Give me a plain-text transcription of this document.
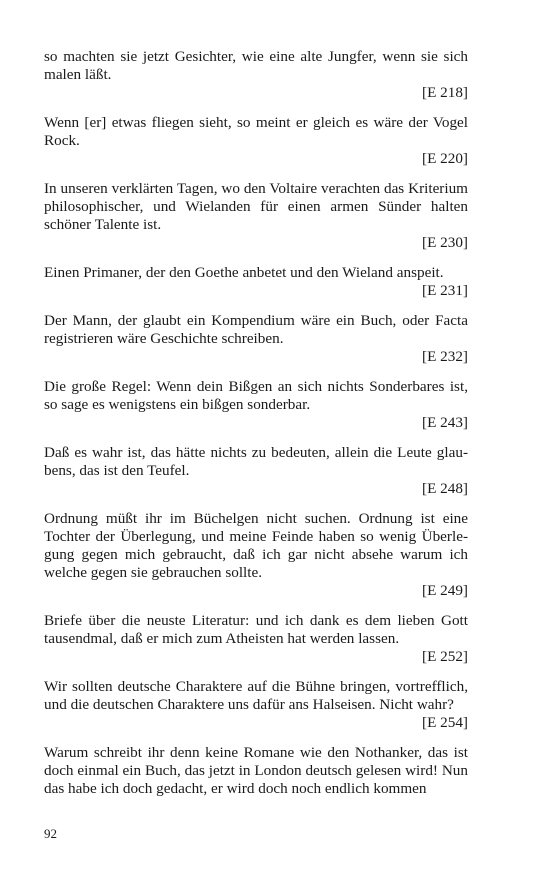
so machten sie jetzt Gesichter, wie eine alte Jungfer, wenn sie sich malen läßt.
[E 218]
Wenn [er] etwas fliegen sieht, so meint er gleich es wäre der Vogel Rock.
[E 220]
In unseren verklärten Tagen, wo den Voltaire verachten das Kriterium philosophischer, und Wielanden für einen armen Sünder halten schöner Talente ist.
[E 230]
Einen Primaner, der den Goethe anbetet und den Wieland anspeit.
[E 231]
Der Mann, der glaubt ein Kompendium wäre ein Buch, oder Facta registrieren wäre Geschichte schreiben.
[E 232]
Die große Regel: Wenn dein Bißgen an sich nichts Sonderbares ist, so sage es wenigstens ein bißgen sonderbar.
[E 243]
Daß es wahr ist, das hätte nichts zu bedeuten, allein die Leute glaubens, das ist den Teufel.
[E 248]
Ordnung müßt ihr im Büchelgen nicht suchen. Ordnung ist eine Tochter der Überlegung, und meine Feinde haben so wenig Überlegung gegen mich gebraucht, daß ich gar nicht absehe warum ich welche gegen sie gebrauchen sollte.
[E 249]
Briefe über die neuste Literatur: und ich dank es dem lieben Gott tausendmal, daß er mich zum Atheisten hat werden lassen.
[E 252]
Wir sollten deutsche Charaktere auf die Bühne bringen, vortrefflich, und die deutschen Charaktere uns dafür ans Halseisen. Nicht wahr?
[E 254]
Warum schreibt ihr denn keine Romane wie den Nothanker, das ist doch einmal ein Buch, das jetzt in London deutsch gelesen wird! Nun das habe ich doch gedacht, er wird doch noch endlich kommen
92
